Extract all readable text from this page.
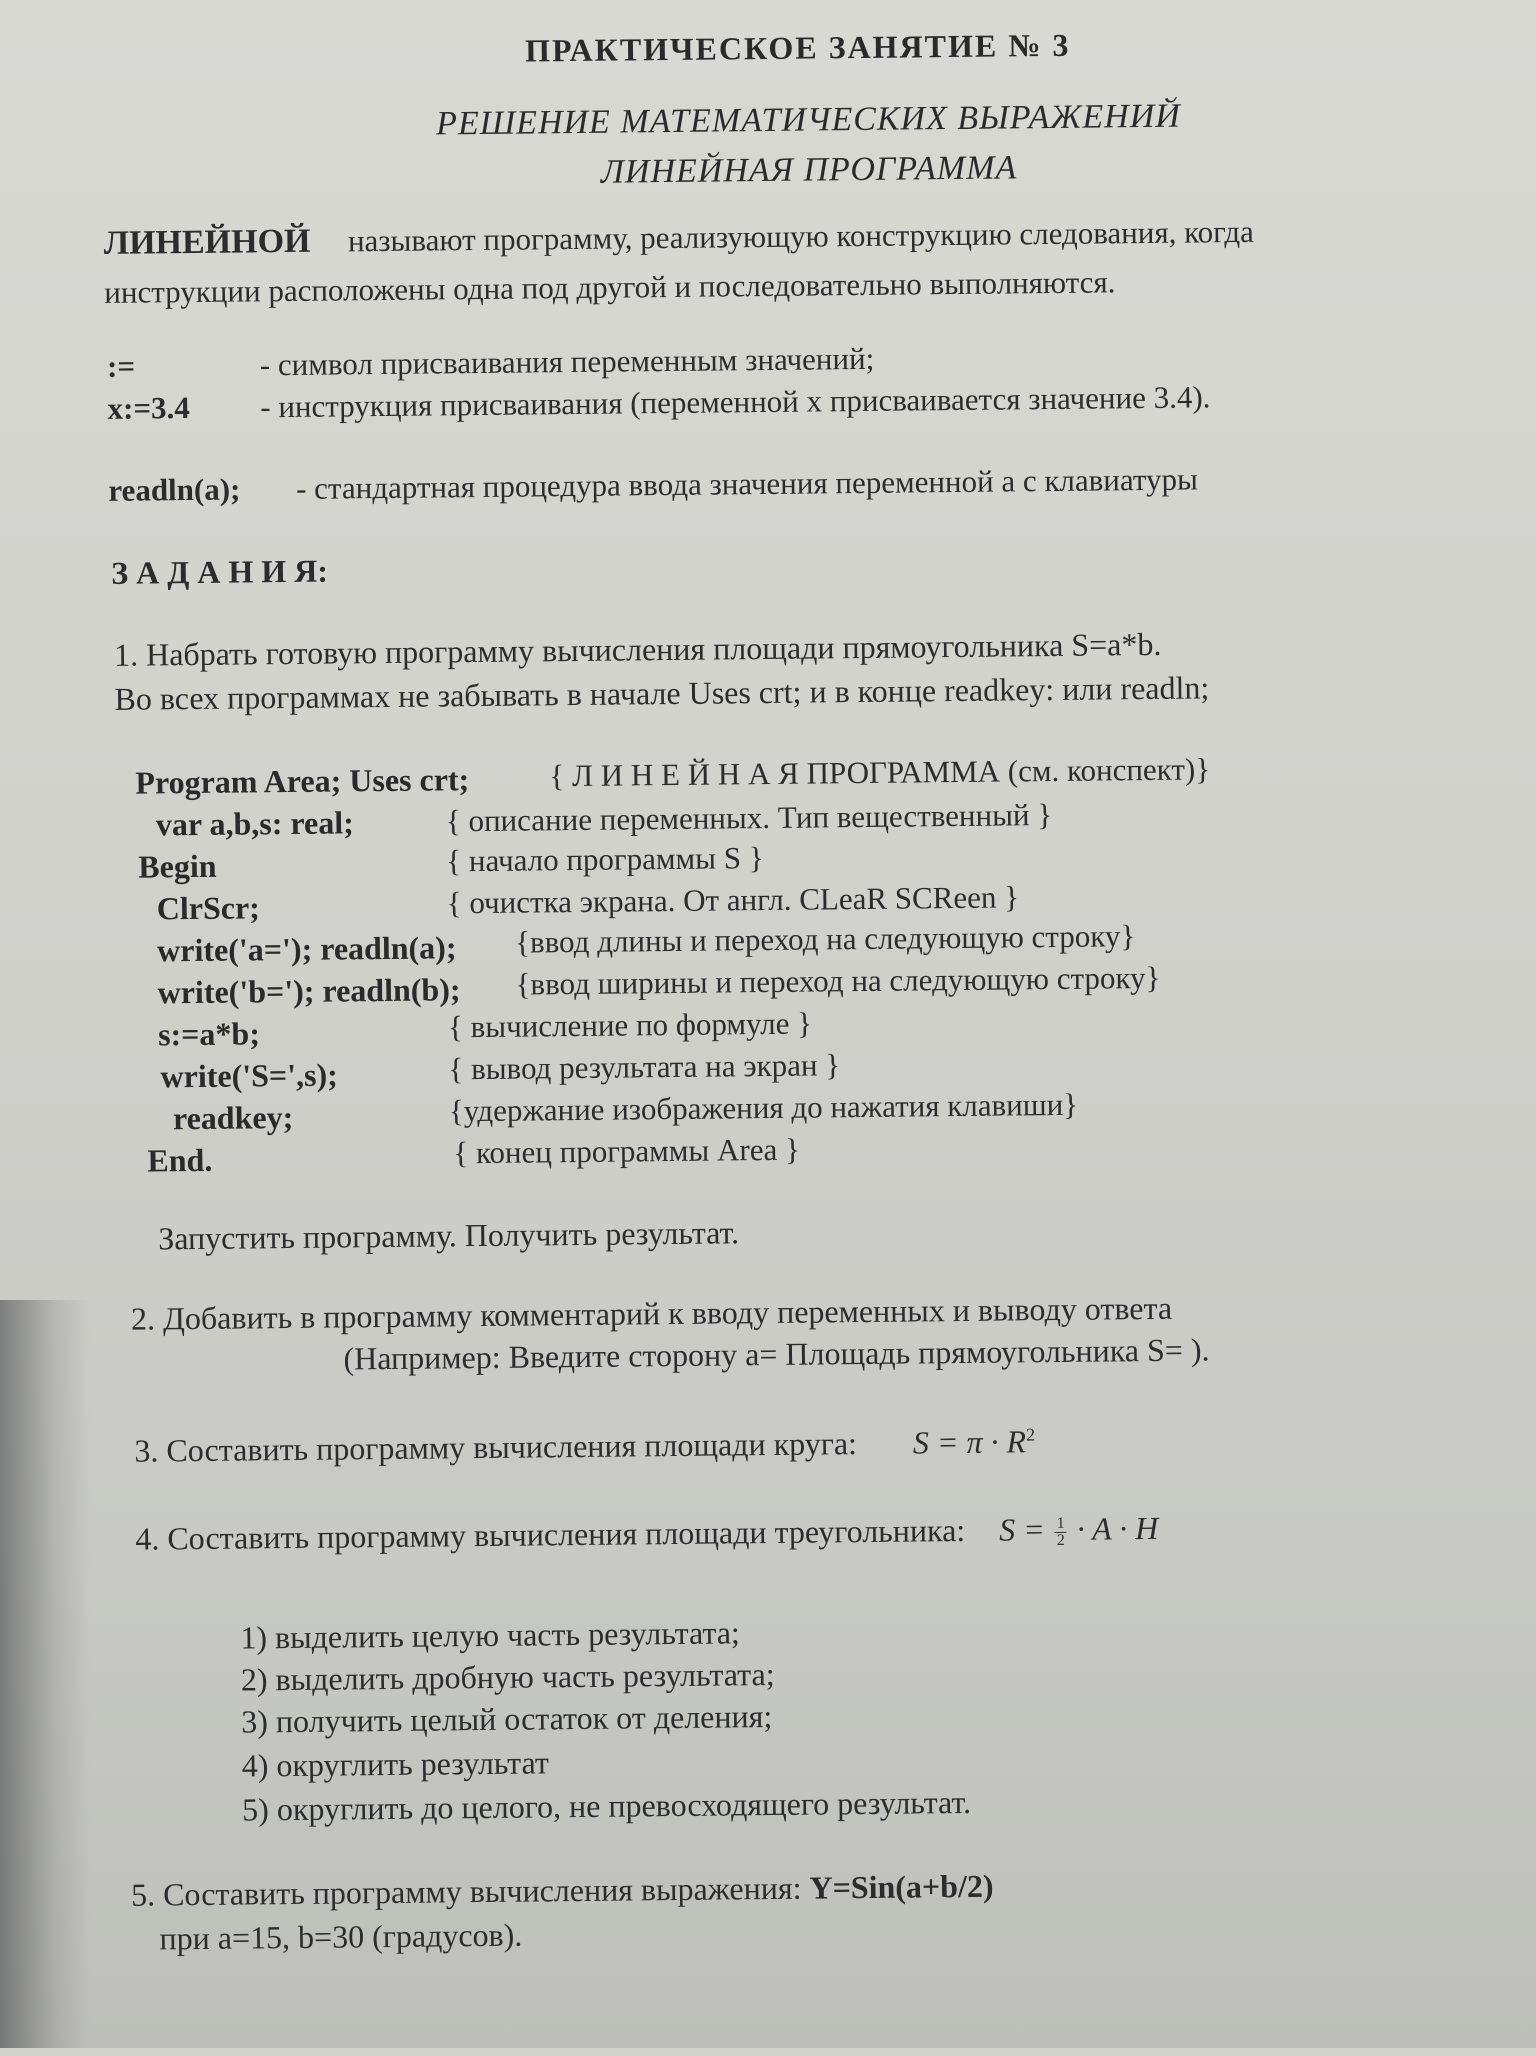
ПРАКТИЧЕСКОЕ ЗАНЯТИЕ № 3
РЕШЕНИЕ МАТЕМАТИЧЕСКИХ ВЫРАЖЕНИЙ
ЛИНЕЙНАЯ ПРОГРАММА
ЛИНЕЙНОЙ называют программу, реализующую конструкцию следования, когда
инструкции расположены одна под другой и последовательно выполняются.
:=	- символ присваивания переменным значений;
x:=3.4 - инструкция присваивания (переменной x присваивается значение 3.4).
readln(a); - стандартная процедура ввода значения переменной a с клавиатуры
З А Д А Н И Я:
1. Набрать готовую программу вычисления площади прямоугольника S=a*b.
Во всех программах не забывать в начале Uses crt; и в конце readkey: или readln;
Program Area; Uses crt;	{ Л И Н Е Й Н А Я ПРОГРАММА (см. конспект)}
var a,b,s: real;	{ описание переменных. Тип вещественный }
Begin	{ начало программы S }
ClrScr;	{ очистка экрана. От англ. CLeaR SCReen }
write('a='); readln(a); {ввод длины и переход на следующую строку}
write('b='); readln(b); {ввод ширины и переход на следующую строку}
s:=a*b;	{ вычисление по формуле }
write('S=',s);	{ вывод результата на экран }
readkey;	{удержание изображения до нажатия клавиши}
End.	{ конец программы Area }
Запустить программу. Получить результат.
2. Добавить в программу комментарий к вводу переменных и выводу ответа
(Например: Введите сторону a= Площадь прямоугольника S= ).
3. Составить программу вычисления площади круга: $S = \pi \cdot R^2$
4. Составить программу вычисления площади треугольника: $S = \frac{1}{2} \cdot A \cdot H$
1) выделить целую часть результата;
2) выделить дробную часть результата;
3) получить целый остаток от деления;
4) округлить результат
5) округлить до целого, не превосходящего результат.
5. Составить программу вычисления выражения: Y=Sin(a+b/2)
при a=15, b=30 (градусов).
